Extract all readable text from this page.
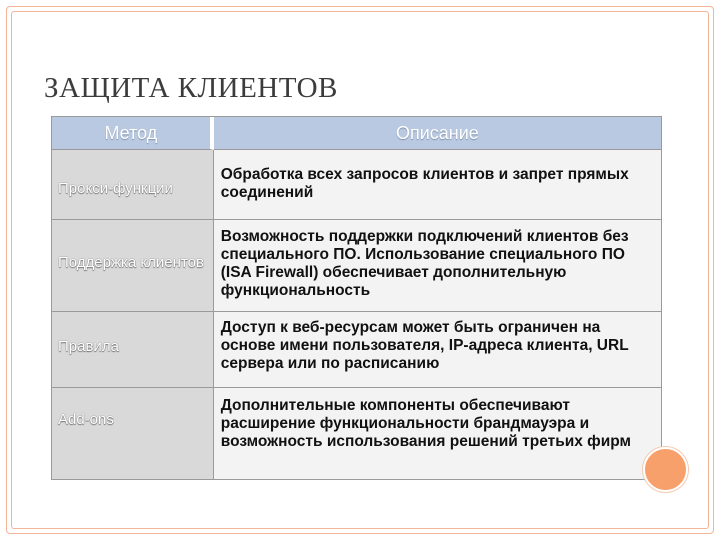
ЗАЩИТА КЛИЕНТОВ
Метод	Описание
Прокси-функции
Обработка всех запросов клиентов и запрет прямых соединений
Поддержка клиентов
Возможность поддержки подключений клиентов без специального ПО. Использование специального ПО (ISA Firewall) обеспечивает дополнительную функциональность
Правила
Доступ к веб-ресурсам может быть ограничен на основе имени пользователя, IP-адреса клиента, URL сервера или по расписанию
Add-ons
Дополнительные компоненты обеспечивают расширение функциональности брандмауэра и возможность использования решений третьих фирм
